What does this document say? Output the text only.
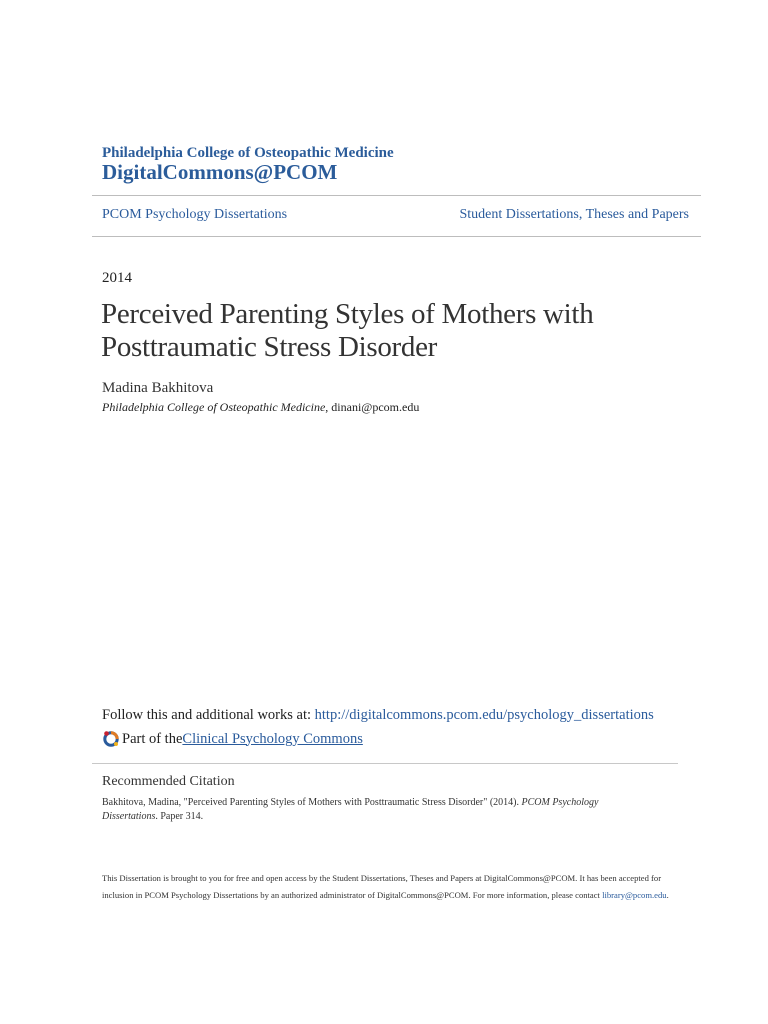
Philadelphia College of Osteopathic Medicine
DigitalCommons@PCOM
PCOM Psychology Dissertations	Student Dissertations, Theses and Papers
2014
Perceived Parenting Styles of Mothers with Posttraumatic Stress Disorder
Madina Bakhitova
Philadelphia College of Osteopathic Medicine, dinani@pcom.edu
Follow this and additional works at: http://digitalcommons.pcom.edu/psychology_dissertations
Part of the Clinical Psychology Commons
Recommended Citation
Bakhitova, Madina, "Perceived Parenting Styles of Mothers with Posttraumatic Stress Disorder" (2014). PCOM Psychology Dissertations. Paper 314.
This Dissertation is brought to you for free and open access by the Student Dissertations, Theses and Papers at DigitalCommons@PCOM. It has been accepted for inclusion in PCOM Psychology Dissertations by an authorized administrator of DigitalCommons@PCOM. For more information, please contact library@pcom.edu.
